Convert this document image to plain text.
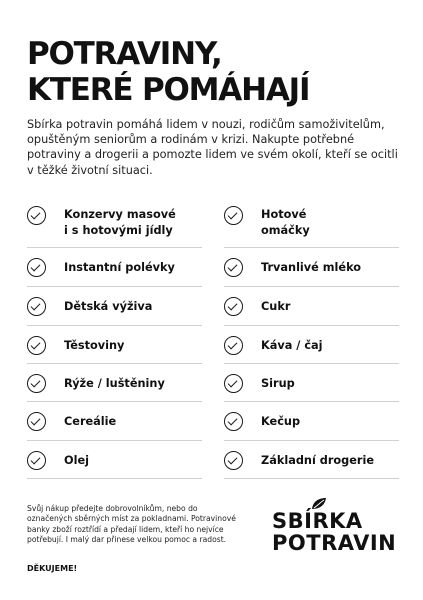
POTRAVINY,
KTERÉ POMÁHAJÍ

Sbírka potravin pomáhá lidem v nouzi, rodičům samoživitelům, opuštěným seniorům a rodinám v krizi. Nakupte potřebné potraviny a drogerii a pomozte lidem ve svém okolí, kteří se ocitli v těžké životní situaci.

Konzervy masové
i s hotovými jídly
Instantní polévky
Dětská výživa
Těstoviny
Rýže / luštěniny
Cereálie
Olej
Hotové
omáčky
Trvanlivé mléko
Cukr
Káva / čaj
Sirup
Kečup
Základní drogerie

Svůj nákup předejte dobrovolníkům, nebo do označených sběrných míst za pokladnami. Potravinové banky zboží roztřídí a předají lidem, kteří ho nejvíce potřebují. I malý dar přinese velkou pomoc a radost.

DĚKUJEME!
SBÍRKA
POTRAVIN
